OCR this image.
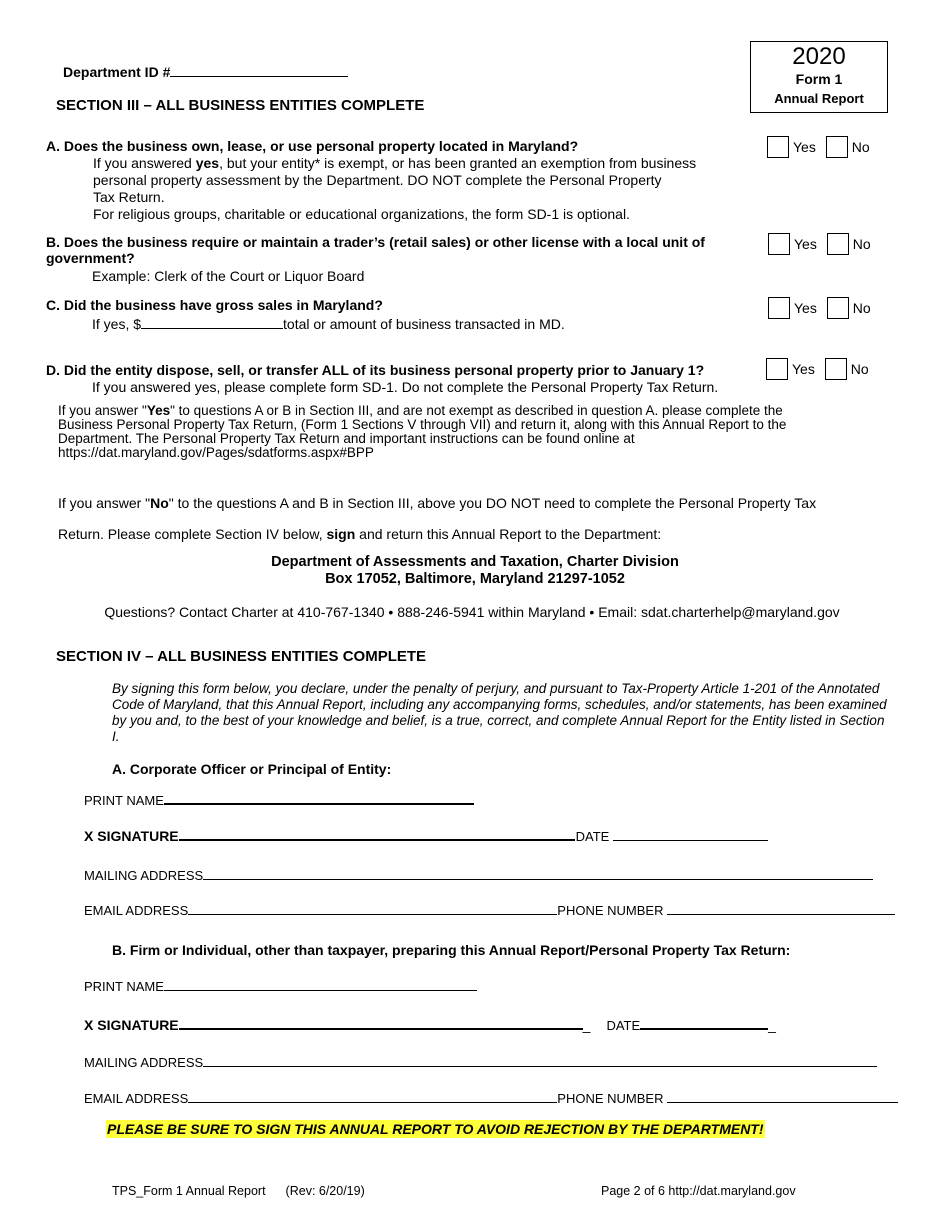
Department ID #
SECTION III – ALL BUSINESS ENTITIES COMPLETE
2020
Form 1
Annual Report
A. Does the business own, lease, or use personal property located in Maryland?
If you answered yes, but your entity* is exempt, or has been granted an exemption from business
personal property assessment by the Department. DO NOT complete the Personal Property
Tax Return.
For religious groups, charitable or educational organizations, the form SD-1 is optional.
Yes	No
B. Does the business require or maintain a trader’s (retail sales) or other license with a local unit of government?
Example: Clerk of the Court or Liquor Board
Yes	No
C. Did the business have gross sales in Maryland?
If yes, $	total or amount of business transacted in MD.
Yes	No
D. Did the entity dispose, sell, or transfer ALL of its business personal property prior to January 1?
If you answered yes, please complete form SD-1. Do not complete the Personal Property Tax Return.
Yes	No
If you answer "Yes" to questions A or B in Section III, and are not exempt as described in question A. please complete the Business Personal Property Tax Return, (Form 1 Sections V through VII) and return it, along with this Annual Report to the Department. The Personal Property Tax Return and important instructions can be found online at https://dat.maryland.gov/Pages/sdatforms.aspx#BPP
If you answer "No" to the questions A and B in Section III, above you DO NOT need to complete the Personal Property Tax
Return. Please complete Section IV below, sign and return this Annual Report to the Department:
Department of Assessments and Taxation, Charter Division
Box 17052, Baltimore, Maryland 21297-1052
Questions? Contact Charter at 410-767-1340 • 888-246-5941 within Maryland • Email: sdat.charterhelp@maryland.gov
SECTION IV – ALL BUSINESS ENTITIES COMPLETE
By signing this form below, you declare, under the penalty of perjury, and pursuant to Tax-Property Article 1-201 of the Annotated Code of Maryland, that this Annual Report, including any accompanying forms, schedules, and/or statements, has been examined by you and, to the best of your knowledge and belief, is a true, correct, and complete Annual Report for the Entity listed in Section I.
A. Corporate Officer or Principal of Entity:
PRINT NAME
X SIGNATURE	DATE
MAILING ADDRESS
EMAIL ADDRESS	PHONE NUMBER
B. Firm or Individual, other than taxpayer, preparing this Annual Report/Personal Property Tax Return:
PRINT NAME
X SIGNATURE	_ DATE	_
MAILING ADDRESS
EMAIL ADDRESS	PHONE NUMBER
PLEASE BE SURE TO SIGN THIS ANNUAL REPORT TO AVOID REJECTION BY THE DEPARTMENT!
TPS_Form 1 Annual Report (Rev: 6/20/19)	Page 2 of 6 http://dat.maryland.gov
